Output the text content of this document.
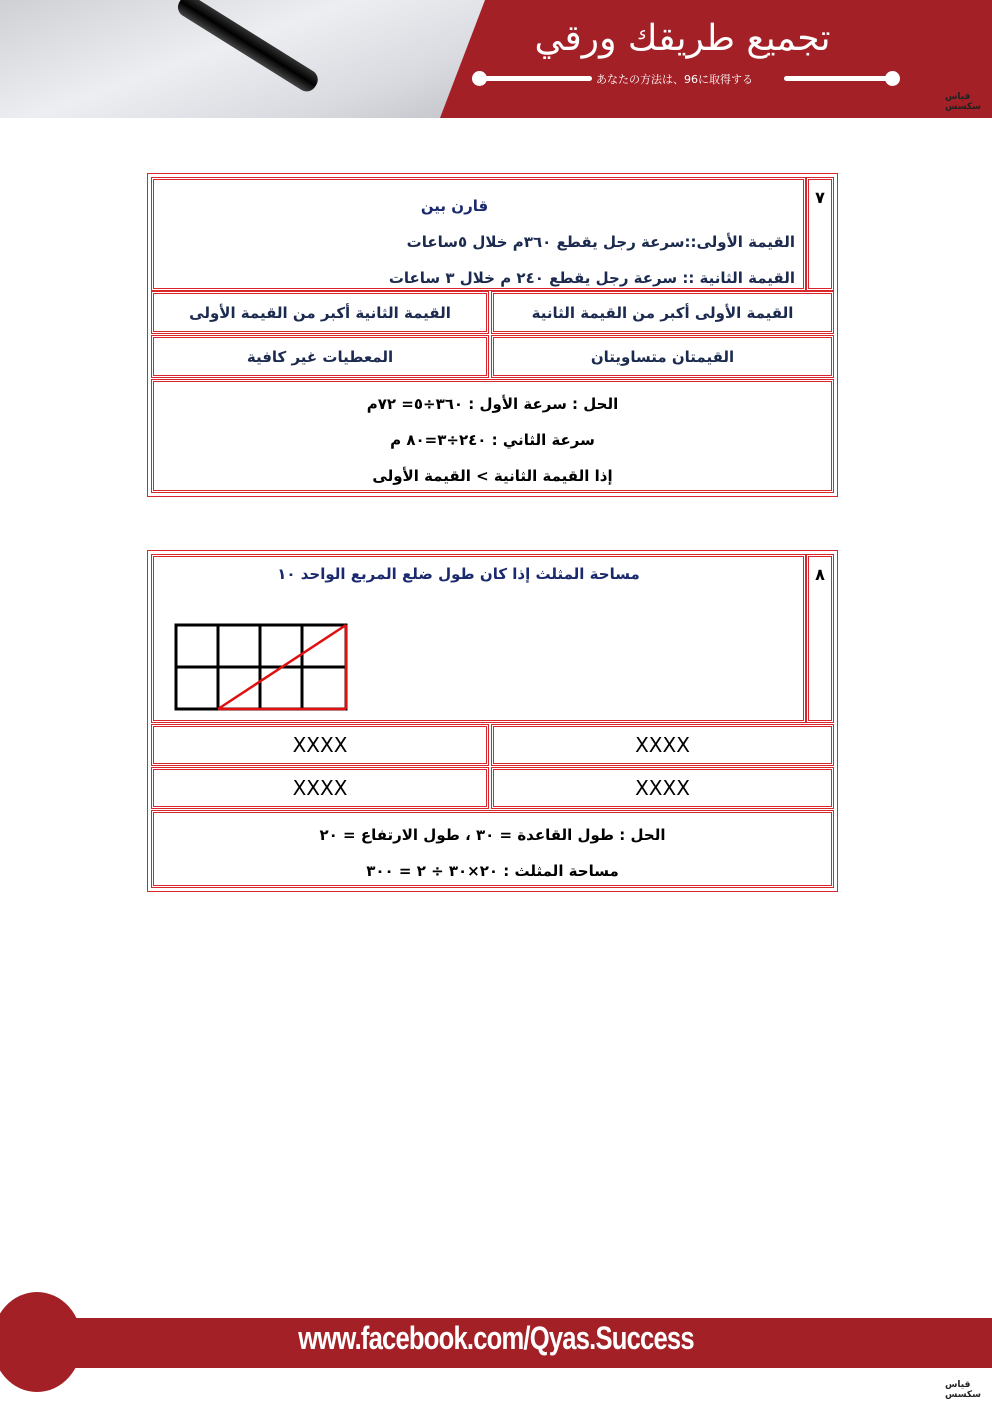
تجميع طريقك ورقي
あなたの方法は、96に取得する
قياس سكسس
قارن بين
القيمة الأولى::سرعة رجل يقطع ٣٦٠م خلال ٥ساعات
القيمة الثانية :: سرعة رجل يقطع ٢٤٠ م خلال ٣ ساعات
٧
القيمة الأولى أكبر من القيمة الثانية
القيمة الثانية أكبر من القيمة الأولى
القيمتان متساويتان
المعطيات غير كافية
الحل : سرعة الأول : ٣٦٠÷٥= ٧٢م
سرعة الثاني : ٢٤٠÷٣=٨٠ م
إذا القيمة الثانية > القيمة الأولى
مساحة المثلث إذا كان طول ضلع المربع الواحد ١٠	٨
XXXX
XXXX
XXXX
XXXX
الحل : طول القاعدة = ٣٠ ، طول الارتفاع = ٢٠
مساحة المثلث : ٢٠×٣٠ ÷ ٢ = ٣٠٠
www.facebook.com/Qyas.Success
قياس سكسس
